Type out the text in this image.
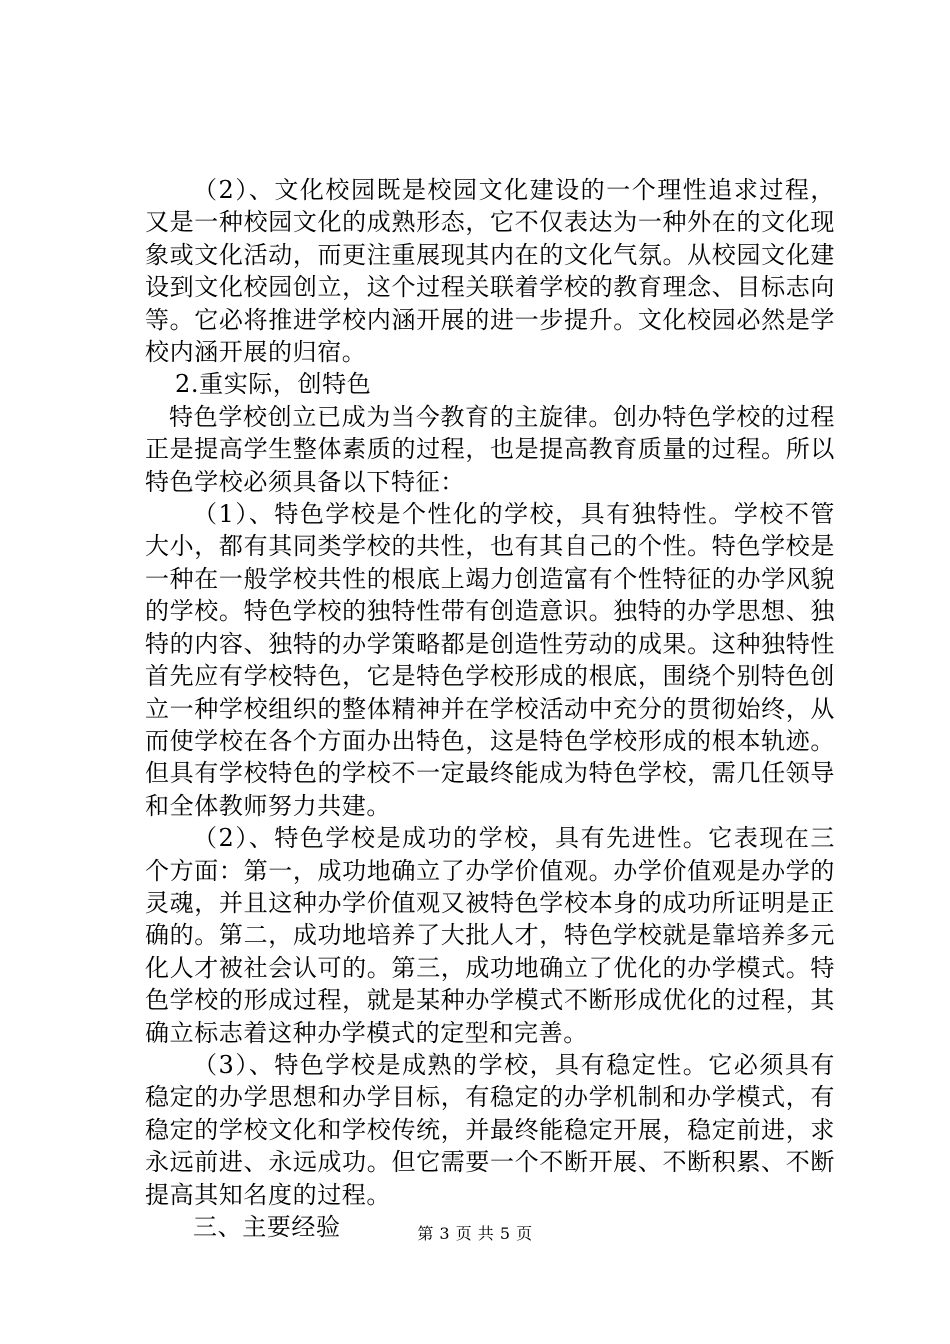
（2）、文化校园既是校园文化建设的一个理性追求过程，又是一种校园文化的成熟形态，它不仅表达为一种外在的文化现象或文化活动，而更注重展现其内在的文化气氛。从校园文化建设到文化校园创立，这个过程关联着学校的教育理念、目标志向等。它必将推进学校内涵开展的进一步提升。文化校园必然是学校内涵开展的归宿。

2.重实际，创特色

特色学校创立已成为当今教育的主旋律。创办特色学校的过程正是提高学生整体素质的过程，也是提高教育质量的过程。所以特色学校必须具备以下特征：

（1）、特色学校是个性化的学校，具有独特性。学校不管大小，都有其同类学校的共性，也有其自己的个性。特色学校是一种在一般学校共性的根底上竭力创造富有个性特征的办学风貌的学校。特色学校的独特性带有创造意识。独特的办学思想、独特的内容、独特的办学策略都是创造性劳动的成果。这种独特性首先应有学校特色，它是特色学校形成的根底，围绕个别特色创立一种学校组织的整体精神并在学校活动中充分的贯彻始终，从而使学校在各个方面办出特色，这是特色学校形成的根本轨迹。但具有学校特色的学校不一定最终能成为特色学校，需几任领导和全体教师努力共建。

（2）、特色学校是成功的学校，具有先进性。它表现在三个方面：第一，成功地确立了办学价值观。办学价值观是办学的灵魂，并且这种办学价值观又被特色学校本身的成功所证明是正确的。第二，成功地培养了大批人才，特色学校就是靠培养多元化人才被社会认可的。第三，成功地确立了优化的办学模式。特色学校的形成过程，就是某种办学模式不断形成优化的过程，其确立标志着这种办学模式的定型和完善。

（3）、特色学校是成熟的学校，具有稳定性。它必须具有稳定的办学思想和办学目标，有稳定的办学机制和办学模式，有稳定的学校文化和学校传统，并最终能稳定开展，稳定前进，求永远前进、永远成功。但它需要一个不断开展、不断积累、不断提高其知名度的过程。

三、主要经验	第 3 页 共 5 页
